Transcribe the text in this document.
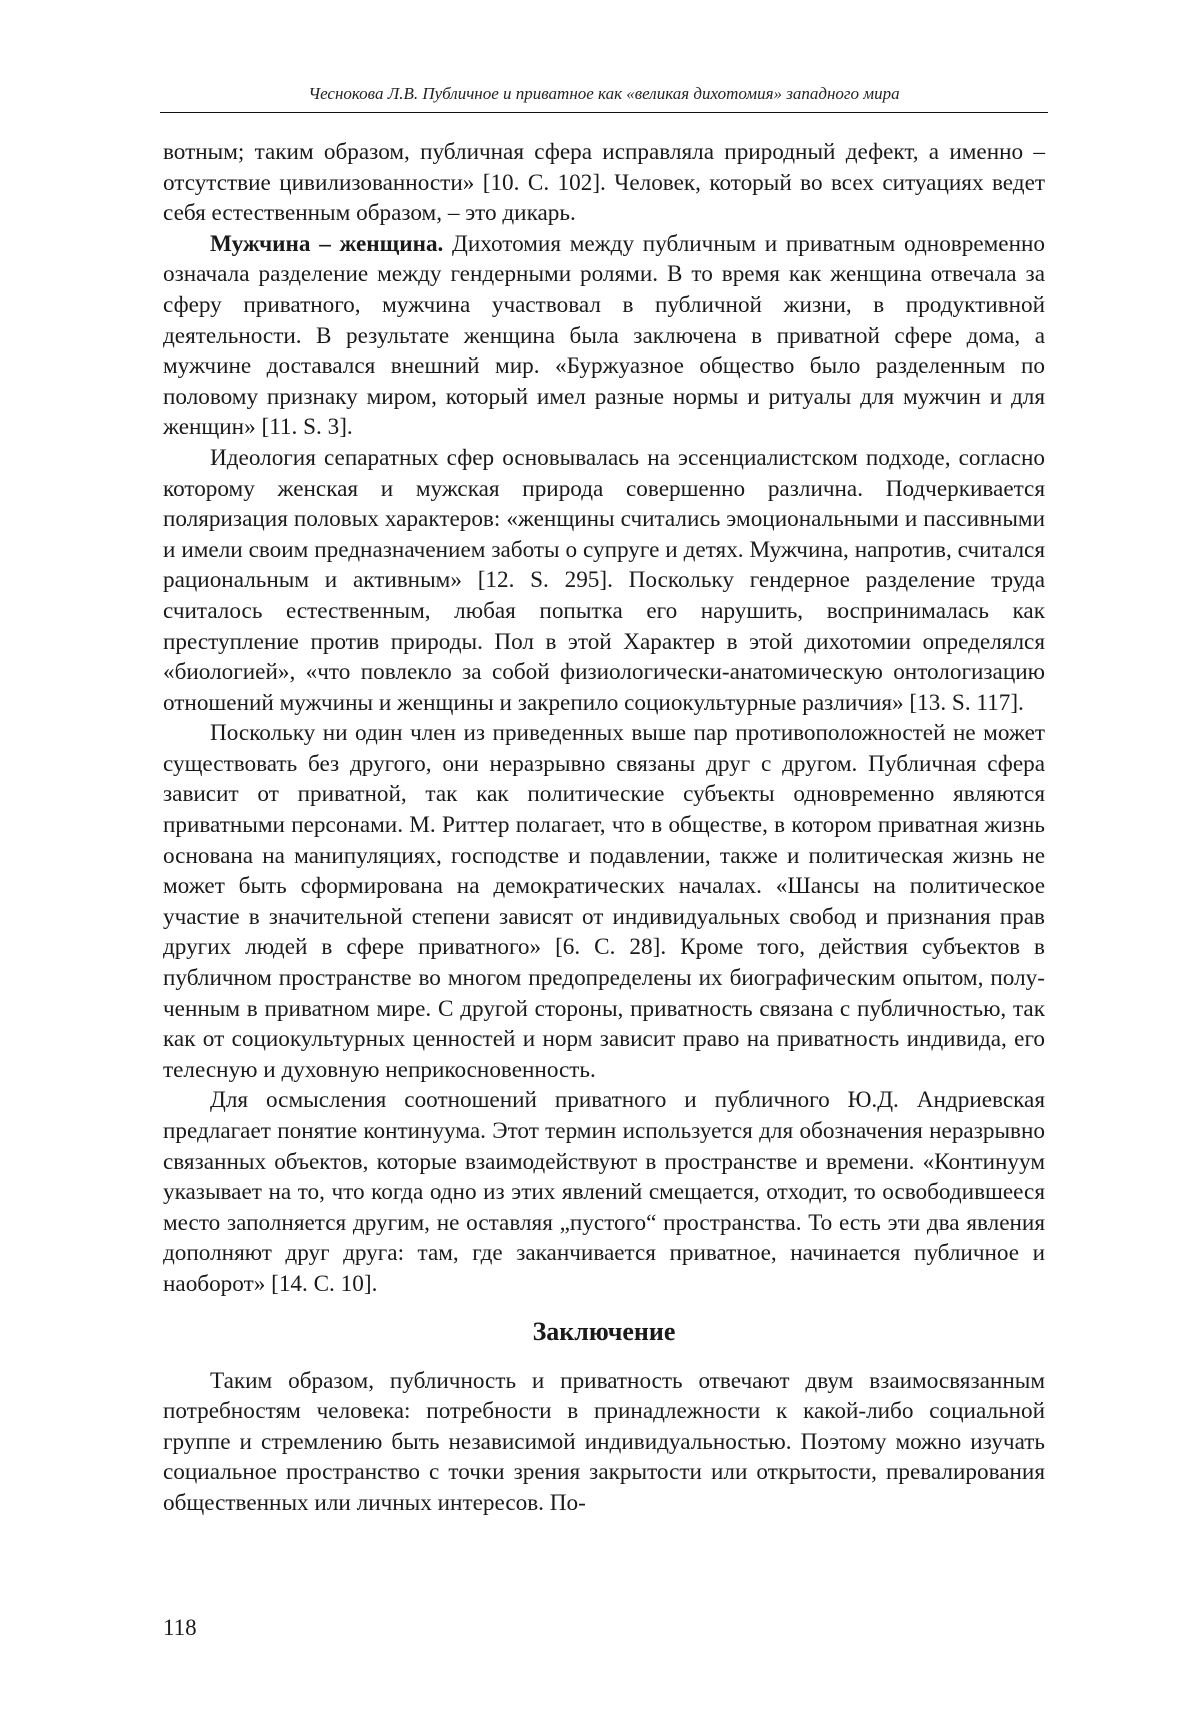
Чеснокова Л.В. Публичное и приватное как «великая дихотомия» западного мира

вотным; таким образом, публичная сфера исправляла природный дефект, а именно – отсутствие цивилизованности» [10. С. 102]. Человек, который во всех ситуациях ведет себя естественным образом, – это дикарь.

Мужчина – женщина. Дихотомия между публичным и приватным одновременно означала разделение между гендерными ролями. В то время как женщина отвечала за сферу приватного, мужчина участвовал в публичной жизни, в продуктивной деятельности. В результате женщина была заключена в приватной сфере дома, а мужчине доставался внешний мир. «Буржуазное общество было разделенным по половому признаку миром, который имел разные нормы и ритуалы для мужчин и для женщин» [11. S. 3].

Идеология сепаратных сфер основывалась на эссенциалистском подходе, согласно которому женская и мужская природа совершенно различна. Подчеркивается поляризация половых характеров: «женщины считались эмоциональными и пассивными и имели своим предназначением заботы о супруге и детях. Мужчина, напротив, считался рациональным и активным» [12. S. 295]. Поскольку гендерное разделение труда считалось естественным, любая попытка его нарушить, воспринималась как преступление против природы. Пол в этой Характер в этой дихотомии определялся «биологией», «что повлекло за собой физиологически-анатомическую онтологизацию отношений мужчины и женщины и закрепило социокультурные различия» [13. S. 117].

Поскольку ни один член из приведенных выше пар противоположностей не может существовать без другого, они неразрывно связаны друг с другом. Публичная сфера зависит от приватной, так как политические субъекты одновременно являются приватными персонами. М. Риттер полагает, что в обществе, в котором приватная жизнь основана на манипуляциях, господстве и подавлении, также и политическая жизнь не может быть сформирована на демократических началах. «Шансы на политическое участие в значительной степени зависят от индивидуальных свобод и признания прав других людей в сфере приватного» [6. С. 28]. Кроме того, действия субъектов в публичном пространстве во многом предопределены их биографическим опытом, полученным в приватном мире. С другой стороны, приватность связана с публичностью, так как от социокультурных ценностей и норм зависит право на приватность индивида, его телесную и духовную неприкосновенность.

Для осмысления соотношений приватного и публичного Ю.Д. Андриевская предлагает понятие континуума. Этот термин используется для обозначения неразрывно связанных объектов, которые взаимодействуют в пространстве и времени. «Континуум указывает на то, что когда одно из этих явлений смещается, отходит, то освободившееся место заполняется другим, не оставляя „пустого“ пространства. То есть эти два явления дополняют друг друга: там, где заканчивается приватное, начинается публичное и наоборот» [14. С. 10].

Заключение

Таким образом, публичность и приватность отвечают двум взаимосвязанным потребностям человека: потребности в принадлежности к какой-либо социальной группе и стремлению быть независимой индивидуальностью. Поэтому можно изучать социальное пространство с точки зрения закрытости или открытости, превалирования общественных или личных интересов. По-

118
